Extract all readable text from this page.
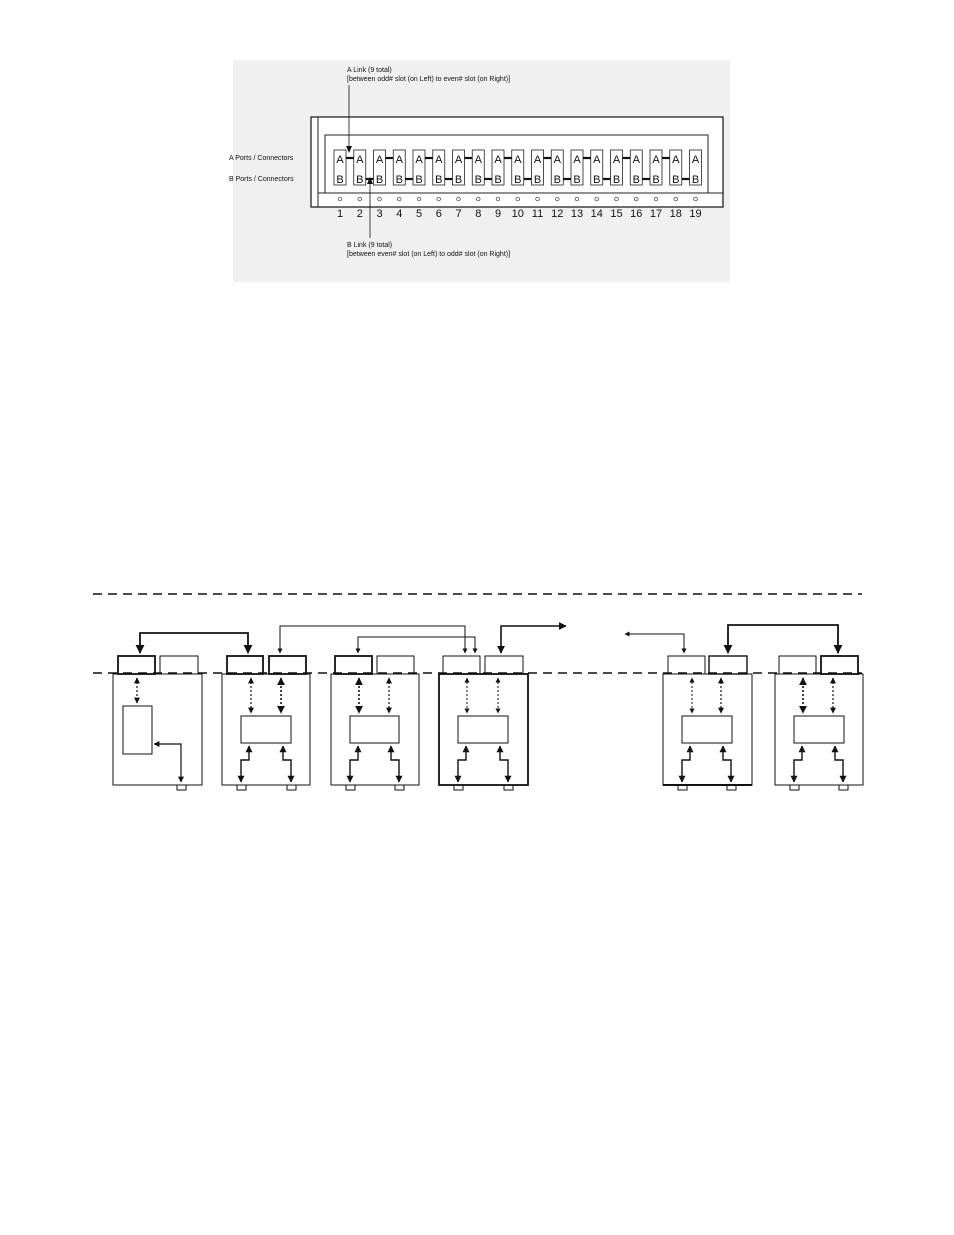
A
B
1
A
B
2
A
B
3
A
B
4
A
B
5
A
B
6
A
B
7
A
B
8
A
B
9
A
B
10
A
B
11
A
B
12
A
B
13
A
B
14
A
B
15
A
B
16
A
B
17
A
B
18
A
B
19
A Link (9 total)
[between odd# slot (on Left) to even# slot (on Right)]
B Link (9 total)
[between even# slot (on Left) to odd# slot (on Right)]
A Ports / Connectors
B Ports / Connectors
